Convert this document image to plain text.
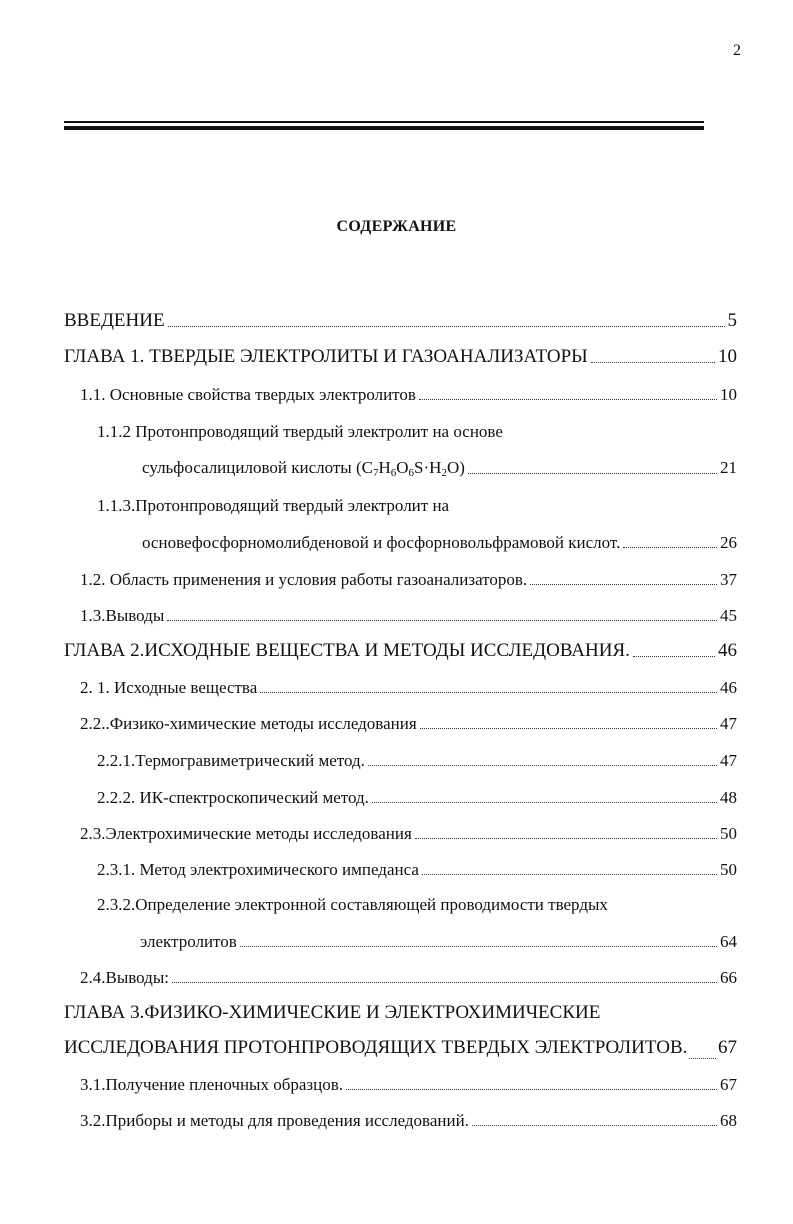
2
СОДЕРЖАНИЕ
ВВЕДЕНИЕ	5
ГЛАВА 1. ТВЕРДЫЕ ЭЛЕКТРОЛИТЫ И ГАЗОАНАЛИЗАТОРЫ	10
1.1. Основные свойства твердых электролитов	10
1.1.2 Протонпроводящий твердый электролит на основе
сульфосалициловой кислоты $(C_7H_6O_6S\cdot H_2O)$	21
1.1.3.Протонпроводящий твердый электролит на
основефосфорномолибденовой и фосфорновольфрамовой кислот.	26
1.2. Область применения и условия работы газоанализаторов.	37
1.3.Выводы	45
ГЛАВА 2.ИСХОДНЫЕ ВЕЩЕСТВА И МЕТОДЫ ИССЛЕДОВАНИЯ.	46
2. 1. Исходные вещества	46
2.2..Физико-химические методы исследования	47
2.2.1.Термогравиметрический метод.	47
2.2.2. ИК-спектроскопический метод.	48
2.3.Электрохимические методы исследования	50
2.3.1. Метод электрохимического импеданса	50
2.3.2.Определение электронной составляющей проводимости твердых
электролитов	64
2.4.Выводы:	66
ГЛАВА 3.ФИЗИКО-ХИМИЧЕСКИЕ И ЭЛЕКТРОХИМИЧЕСКИЕ
ИССЛЕДОВАНИЯ ПРОТОНПРОВОДЯЩИХ ТВЕРДЫХ ЭЛЕКТРОЛИТОВ. 67
3.1.Получение пленочных образцов.	67
3.2.Приборы и методы для проведения исследований.	68
